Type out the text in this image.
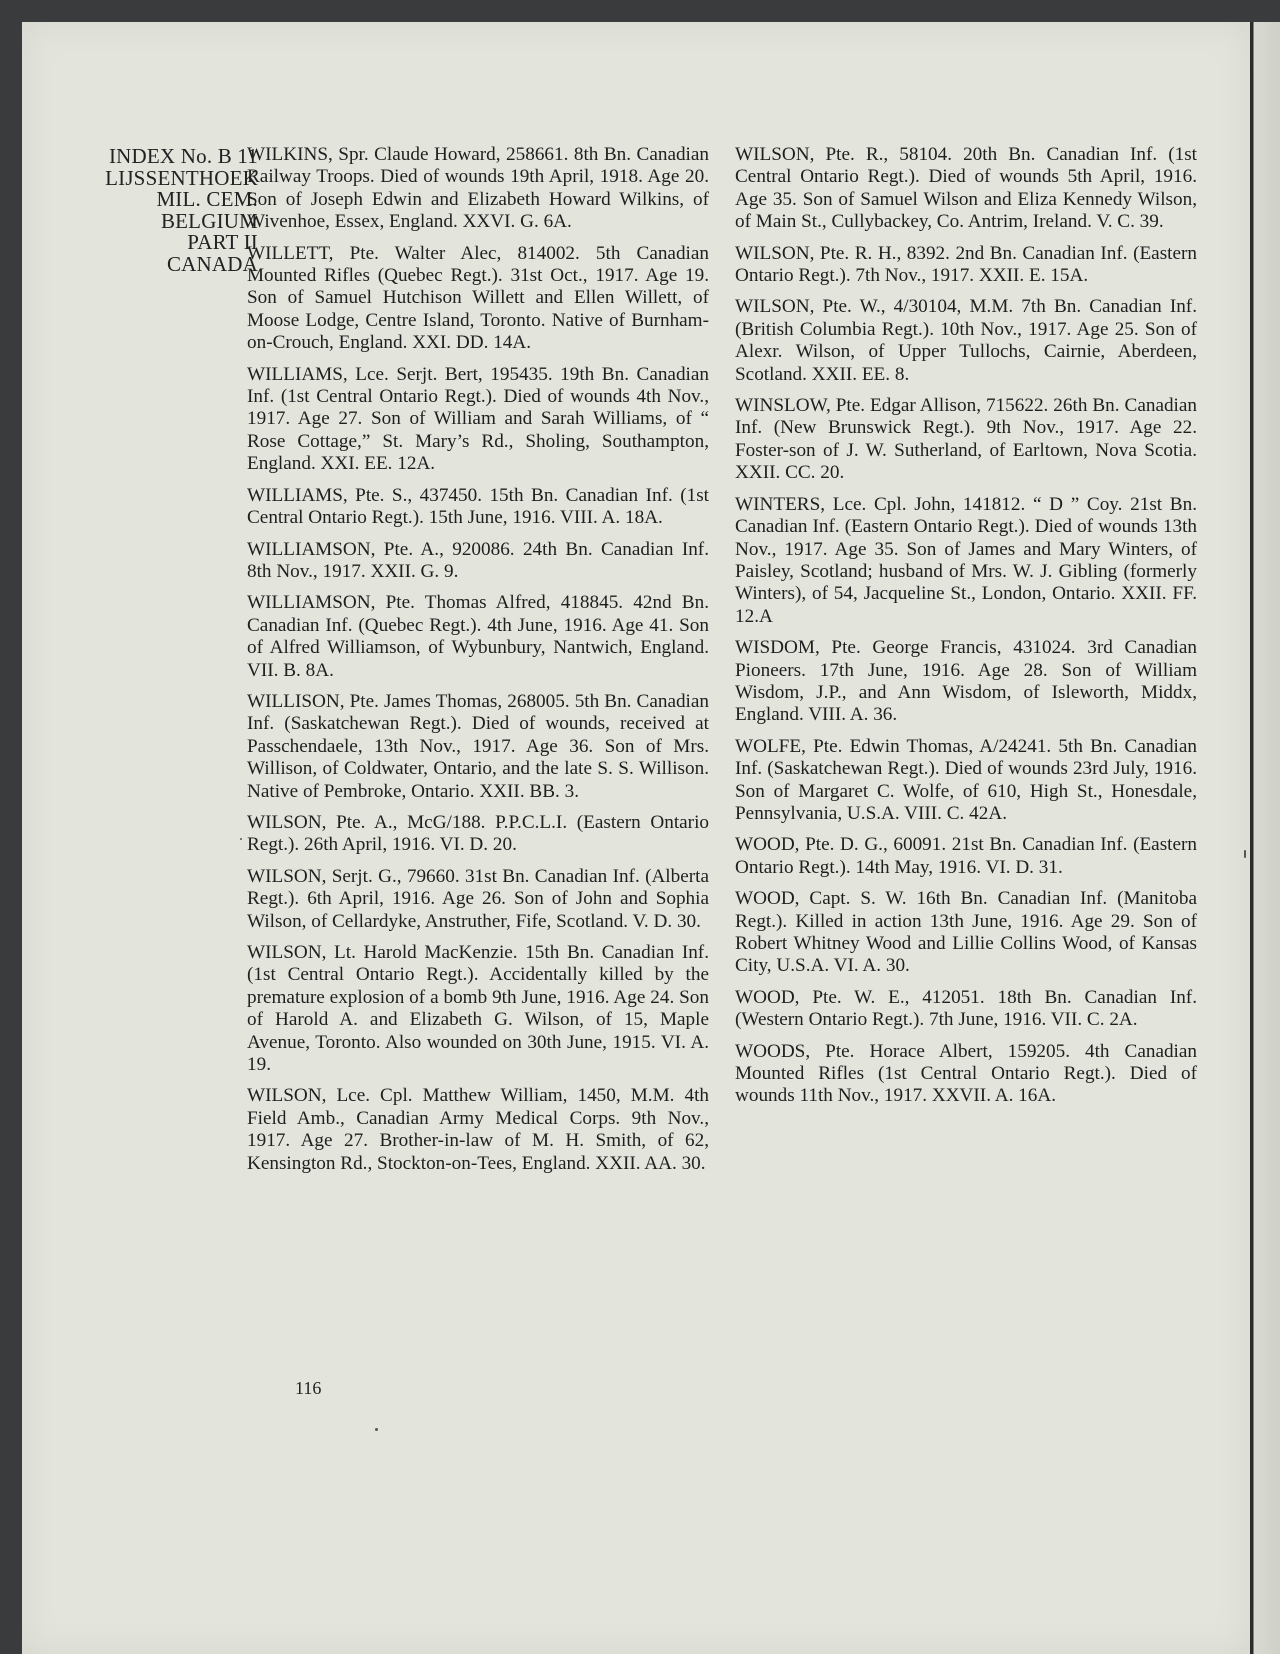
INDEX No. B 11
LIJSSENTHOEK
MIL. CEM.
BELGIUM
PART II
CANADA

WILKINS, Spr. Claude Howard, 258661. 8th Bn. Canadian Railway Troops. Died of wounds 19th April, 1918. Age 20. Son of Joseph Edwin and Elizabeth Howard Wilkins, of Wivenhoe, Essex, England. XXVI. G. 6A.

WILLETT, Pte. Walter Alec, 814002. 5th Canadian Mounted Rifles (Quebec Regt.). 31st Oct., 1917. Age 19. Son of Samuel Hutchison Willett and Ellen Willett, of Moose Lodge, Centre Island, Toronto. Native of Burnham-on-Crouch, England. XXI. DD. 14A.

WILLIAMS, Lce. Serjt. Bert, 195435. 19th Bn. Canadian Inf. (1st Central Ontario Regt.). Died of wounds 4th Nov., 1917. Age 27. Son of William and Sarah Williams, of “ Rose Cottage,” St. Mary’s Rd., Sholing, Southampton, England. XXI. EE. 12A.

WILLIAMS, Pte. S., 437450. 15th Bn. Canadian Inf. (1st Central Ontario Regt.). 15th June, 1916. VIII. A. 18A.

WILLIAMSON, Pte. A., 920086. 24th Bn. Canadian Inf. 8th Nov., 1917. XXII. G. 9.

WILLIAMSON, Pte. Thomas Alfred, 418845. 42nd Bn. Canadian Inf. (Quebec Regt.). 4th June, 1916. Age 41. Son of Alfred Williamson, of Wybunbury, Nantwich, England. VII. B. 8A.

WILLISON, Pte. James Thomas, 268005. 5th Bn. Canadian Inf. (Saskatchewan Regt.). Died of wounds, received at Passchendaele, 13th Nov., 1917. Age 36. Son of Mrs. Willison, of Coldwater, Ontario, and the late S. S. Willison. Native of Pembroke, Ontario. XXII. BB. 3.

WILSON, Pte. A., McG/188. P.P.C.L.I. (Eastern Ontario Regt.). 26th April, 1916. VI. D. 20.

WILSON, Serjt. G., 79660. 31st Bn. Canadian Inf. (Alberta Regt.). 6th April, 1916. Age 26. Son of John and Sophia Wilson, of Cellardyke, Anstruther, Fife, Scotland. V. D. 30.

WILSON, Lt. Harold MacKenzie. 15th Bn. Canadian Inf. (1st Central Ontario Regt.). Accidentally killed by the premature explosion of a bomb 9th June, 1916. Age 24. Son of Harold A. and Elizabeth G. Wilson, of 15, Maple Avenue, Toronto. Also wounded on 30th June, 1915. VI. A. 19.

WILSON, Lce. Cpl. Matthew William, 1450, M.M. 4th Field Amb., Canadian Army Medical Corps. 9th Nov., 1917. Age 27. Brother-in-law of M. H. Smith, of 62, Kensington Rd., Stockton-on-Tees, England. XXII. AA. 30.

WILSON, Pte. R., 58104. 20th Bn. Canadian Inf. (1st Central Ontario Regt.). Died of wounds 5th April, 1916. Age 35. Son of Samuel Wilson and Eliza Kennedy Wilson, of Main St., Cullybackey, Co. Antrim, Ireland. V. C. 39.

WILSON, Pte. R. H., 8392. 2nd Bn. Canadian Inf. (Eastern Ontario Regt.). 7th Nov., 1917. XXII. E. 15A.

WILSON, Pte. W., 4/30104, M.M. 7th Bn. Canadian Inf. (British Columbia Regt.). 10th Nov., 1917. Age 25. Son of Alexr. Wilson, of Upper Tullochs, Cairnie, Aberdeen, Scotland. XXII. EE. 8.

WINSLOW, Pte. Edgar Allison, 715622. 26th Bn. Canadian Inf. (New Brunswick Regt.). 9th Nov., 1917. Age 22. Foster-son of J. W. Sutherland, of Earltown, Nova Scotia. XXII. CC. 20.

WINTERS, Lce. Cpl. John, 141812. “ D ” Coy. 21st Bn. Canadian Inf. (Eastern Ontario Regt.). Died of wounds 13th Nov., 1917. Age 35. Son of James and Mary Winters, of Paisley, Scotland; husband of Mrs. W. J. Gibling (formerly Winters), of 54, Jacqueline St., London, Ontario. XXII. FF. 12.A

WISDOM, Pte. George Francis, 431024. 3rd Canadian Pioneers. 17th June, 1916. Age 28. Son of William Wisdom, J.P., and Ann Wisdom, of Isleworth, Middx, England. VIII. A. 36.

WOLFE, Pte. Edwin Thomas, A/24241. 5th Bn. Canadian Inf. (Saskatchewan Regt.). Died of wounds 23rd July, 1916. Son of Margaret C. Wolfe, of 610, High St., Honesdale, Pennsylvania, U.S.A. VIII. C. 42A.

WOOD, Pte. D. G., 60091. 21st Bn. Canadian Inf. (Eastern Ontario Regt.). 14th May, 1916. VI. D. 31.

WOOD, Capt. S. W. 16th Bn. Canadian Inf. (Manitoba Regt.). Killed in action 13th June, 1916. Age 29. Son of Robert Whitney Wood and Lillie Collins Wood, of Kansas City, U.S.A. VI. A. 30.

WOOD, Pte. W. E., 412051. 18th Bn. Canadian Inf. (Western Ontario Regt.). 7th June, 1916. VII. C. 2A.

WOODS, Pte. Horace Albert, 159205. 4th Canadian Mounted Rifles (1st Central Ontario Regt.). Died of wounds 11th Nov., 1917. XXVII. A. 16A.

116
